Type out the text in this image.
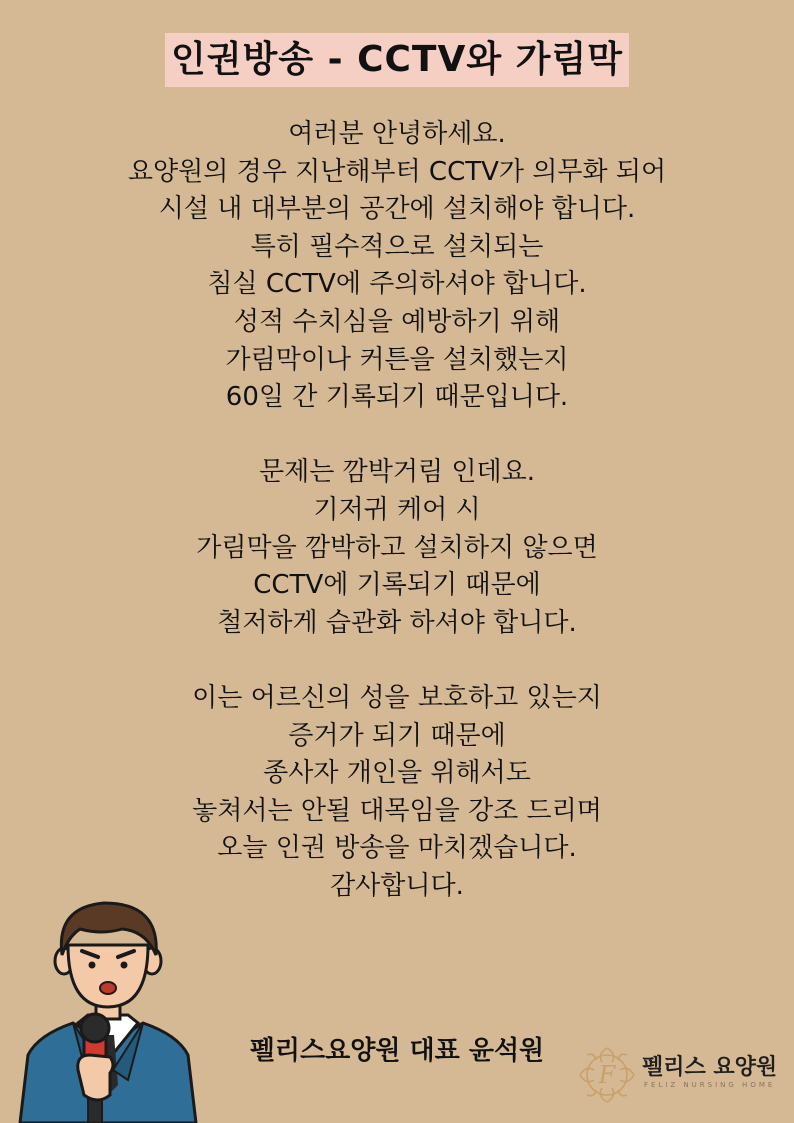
인권방송 - CCTV와 가림막

여러분 안녕하세요.
요양원의 경우 지난해부터 CCTV가 의무화 되어
시설 내 대부분의 공간에 설치해야 합니다.
특히 필수적으로 설치되는
침실 CCTV에 주의하셔야 합니다.
성적 수치심을 예방하기 위해
가림막이나 커튼을 설치했는지
60일 간 기록되기 때문입니다.

문제는 깜박거림 인데요.
기저귀 케어 시
가림막을 깜박하고 설치하지 않으면
CCTV에 기록되기 때문에
철저하게 습관화 하셔야 합니다.

이는 어르신의 성을 보호하고 있는지
증거가 되기 때문에
종사자 개인을 위해서도
놓쳐서는 안될 대목임을 강조 드리며
오늘 인권 방송을 마치겠습니다.
감사합니다.

펠리스요양원 대표 윤석원
F 펠리스 요양원
FELIZ NURSING HOME
